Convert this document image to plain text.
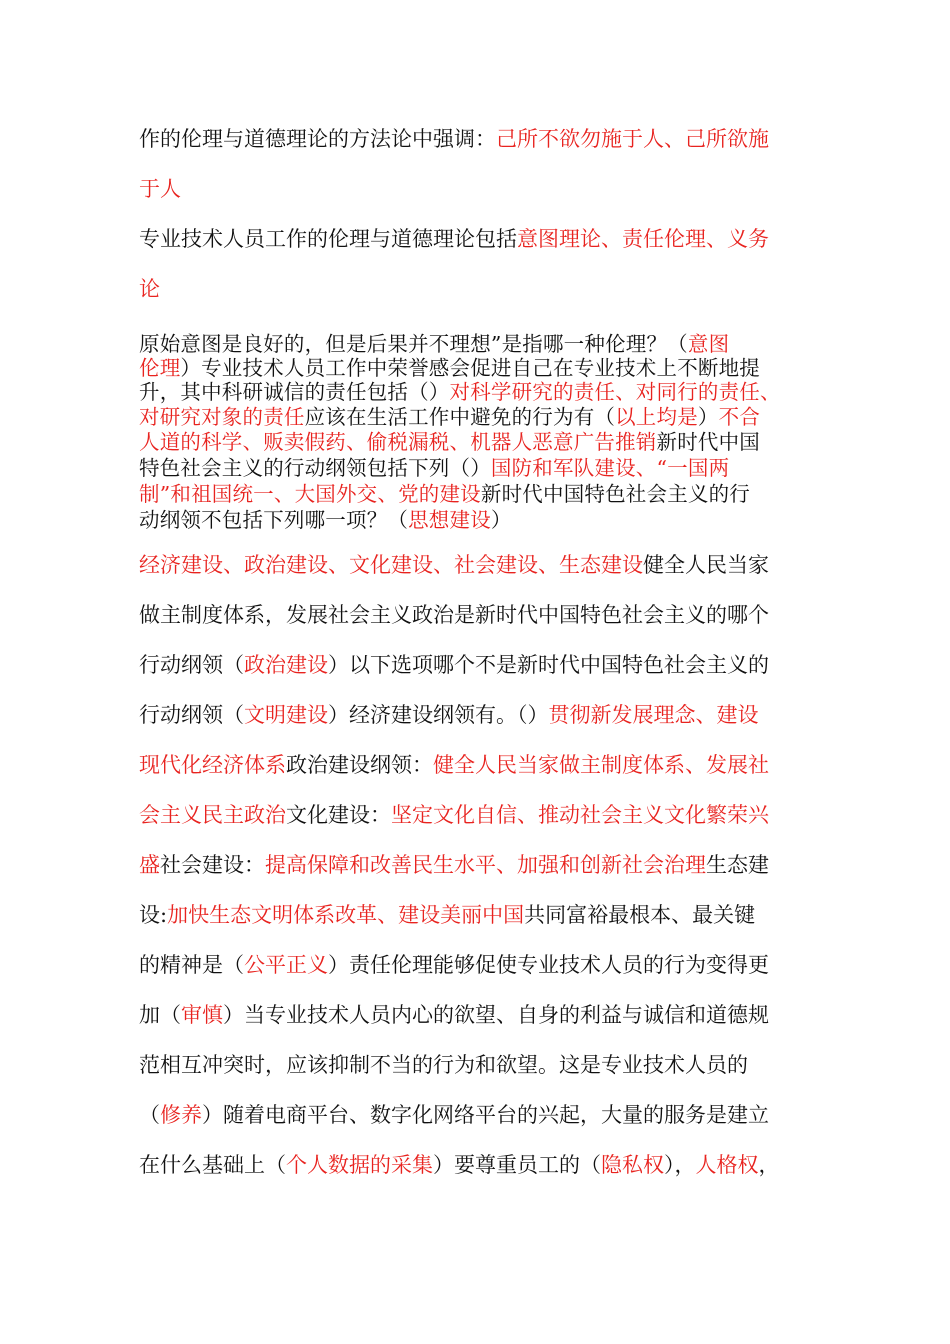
作的伦理与道德理论的方法论中强调：己所不欲勿施于人、己所欲施
于人
专业技术人员工作的伦理与道德理论包括意图理论、责任伦理、义务
论
原始意图是良好的，但是后果并不理想”是指哪一种伦理？（意图
伦理）专业技术人员工作中荣誉感会促进自己在专业技术上不断地提
升，其中科研诚信的责任包括（）对科学研究的责任、对同行的责任、
对研究对象的责任应该在生活工作中避免的行为有（以上均是）不合
人道的科学、贩卖假药、偷税漏税、机器人恶意广告推销新时代中国
特色社会主义的行动纲领包括下列（）国防和军队建设、“一国两
制”和祖国统一、大国外交、党的建设新时代中国特色社会主义的行
动纲领不包括下列哪一项？（思想建设）
经济建设、政治建设、文化建设、社会建设、生态建设健全人民当家
做主制度体系，发展社会主义政治是新时代中国特色社会主义的哪个
行动纲领（政治建设）以下选项哪个不是新时代中国特色社会主义的
行动纲领（文明建设）经济建设纲领有。（）贯彻新发展理念、建设
现代化经济体系政治建设纲领：健全人民当家做主制度体系、发展社
会主义民主政治文化建设：坚定文化自信、推动社会主义文化繁荣兴
盛社会建设：提高保障和改善民生水平、加强和创新社会治理生态建
设:加快生态文明体系改革、建设美丽中国共同富裕最根本、最关键
的精神是（公平正义）责任伦理能够促使专业技术人员的行为变得更
加（审慎）当专业技术人员内心的欲望、自身的利益与诚信和道德规
范相互冲突时，应该抑制不当的行为和欲望。这是专业技术人员的
（修养）随着电商平台、数字化网络平台的兴起，大量的服务是建立
在什么基础上（个人数据的采集）要尊重员工的（隐私权），人格权，
